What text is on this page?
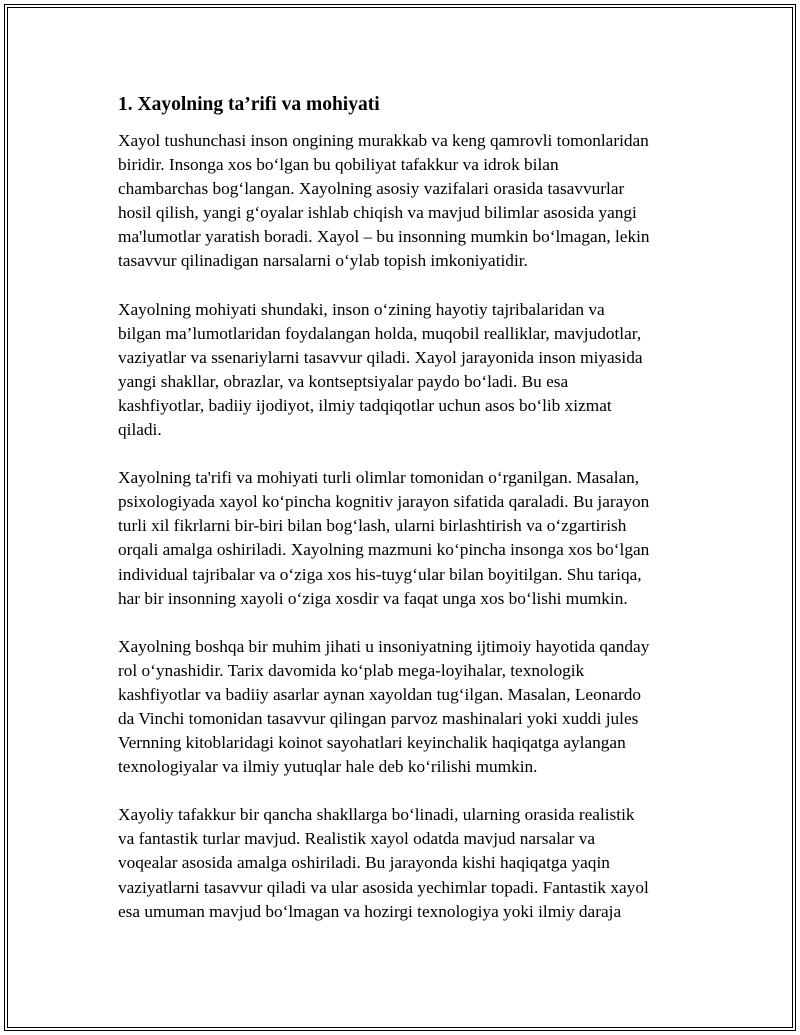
1. Xayolning ta’rifi va mohiyati

Xayol tushunchasi inson ongining murakkab va keng qamrovli tomonlaridan
biridir. Insonga xos bo‘lgan bu qobiliyat tafakkur va idrok bilan
chambarchas bog‘langan. Xayolning asosiy vazifalari orasida tasavvurlar
hosil qilish, yangi g‘oyalar ishlab chiqish va mavjud bilimlar asosida yangi
ma'lumotlar yaratish boradi. Xayol – bu insonning mumkin bo‘lmagan, lekin
tasavvur qilinadigan narsalarni o‘ylab topish imkoniyatidir.

Xayolning mohiyati shundaki, inson o‘zining hayotiy tajribalaridan va
bilgan ma’lumotlaridan foydalangan holda, muqobil realliklar, mavjudotlar,
vaziyatlar va ssenariylarni tasavvur qiladi. Xayol jarayonida inson miyasida
yangi shakllar, obrazlar, va kontseptsiyalar paydo bo‘ladi. Bu esa
kashfiyotlar, badiiy ijodiyot, ilmiy tadqiqotlar uchun asos bo‘lib xizmat
qiladi.

Xayolning ta'rifi va mohiyati turli olimlar tomonidan o‘rganilgan. Masalan,
psixologiyada xayol ko‘pincha kognitiv jarayon sifatida qaraladi. Bu jarayon
turli xil fikrlarni bir-biri bilan bog‘lash, ularni birlashtirish va o‘zgartirish
orqali amalga oshiriladi. Xayolning mazmuni ko‘pincha insonga xos bo‘lgan
individual tajribalar va o‘ziga xos his-tuyg‘ular bilan boyitilgan. Shu tariqa,
har bir insonning xayoli o‘ziga xosdir va faqat unga xos bo‘lishi mumkin.

Xayolning boshqa bir muhim jihati u insoniyatning ijtimoiy hayotida qanday
rol o‘ynashidir. Tarix davomida ko‘plab mega-loyihalar, texnologik
kashfiyotlar va badiiy asarlar aynan xayoldan tug‘ilgan. Masalan, Leonardo
da Vinchi tomonidan tasavvur qilingan parvoz mashinalari yoki xuddi jules
Vernning kitoblaridagi koinot sayohatlari keyinchalik haqiqatga aylangan
texnologiyalar va ilmiy yutuqlar hale deb ko‘rilishi mumkin.

Xayoliy tafakkur bir qancha shakllarga bo‘linadi, ularning orasida realistik
va fantastik turlar mavjud. Realistik xayol odatda mavjud narsalar va
voqealar asosida amalga oshiriladi. Bu jarayonda kishi haqiqatga yaqin
vaziyatlarni tasavvur qiladi va ular asosida yechimlar topadi. Fantastik xayol
esa umuman mavjud bo‘lmagan va hozirgi texnologiya yoki ilmiy daraja
